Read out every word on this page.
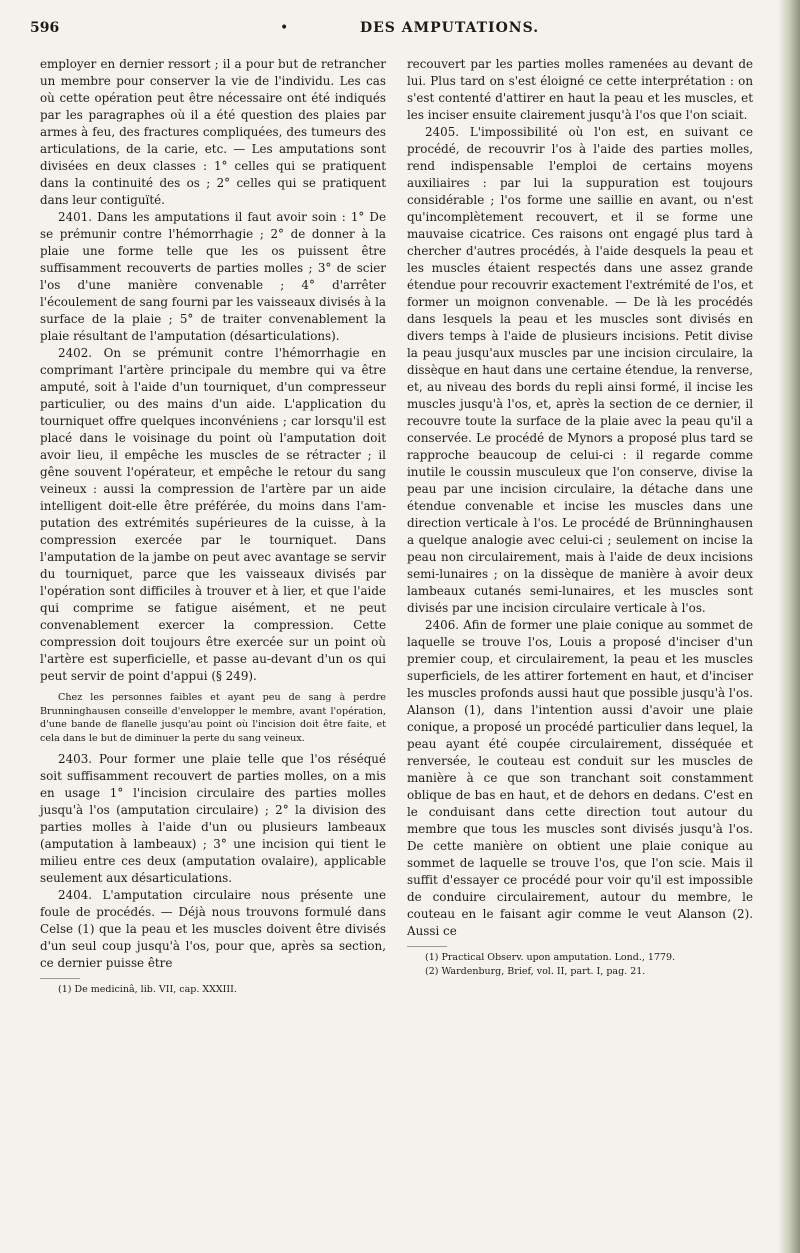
596	•	DES AMPUTATIONS.

employer en dernier ressort ; il a pour but de retrancher un membre pour conserver la vie de l'individu. Les cas où cette opération peut être nécessaire ont été indiqués par les paragraphes où il a été question des plaies par armes à feu, des fractures compliquées, des tumeurs des articulations, de la carie, etc. — Les amputations sont divisées en deux classes : 1° celles qui se pratiquent dans la continuité des os ; 2° celles qui se pratiquent dans leur contiguïté.

2401. Dans les amputations il faut avoir soin : 1° De se prémunir contre l'hémorrhagie ; 2° de donner à la plaie une forme telle que les os puissent être suffisamment recouverts de parties molles ; 3° de scier l'os d'une manière convenable ; 4° d'arrêter l'écoulement de sang fourni par les vaisseaux divisés à la surface de la plaie ; 5° de traiter convenablement la plaie résultant de l'amputation (désarticulations).

2402. On se prémunit contre l'hémorrhagie en comprimant l'artère principale du membre qui va être amputé, soit à l'aide d'un tourniquet, d'un compresseur particulier, ou des mains d'un aide. L'application du tourniquet offre quelques inconvéniens ; car lorsqu'il est placé dans le voisinage du point où l'amputation doit avoir lieu, il empêche les muscles de se rétracter ; il gêne souvent l'opérateur, et empêche le retour du sang veineux : aussi la compression de l'artère par un aide intelligent doit-elle être préférée, du moins dans l'amputation des extrémités supérieures de la cuisse, à la compression exercée par le tourniquet. Dans l'amputation de la jambe on peut avec avantage se servir du tourniquet, parce que les vaisseaux divisés par l'opération sont difficiles à trouver et à lier, et que l'aide qui comprime se fatigue aisément, et ne peut convenablement exercer la compression. Cette compression doit toujours être exercée sur un point où l'artère est superficielle, et passe au-devant d'un os qui peut servir de point d'appui (§ 249).

Chez les personnes faibles et ayant peu de sang à perdre Brunninghausen conseille d'envelopper le membre, avant l'opération, d'une bande de flanelle jusqu'au point où l'incision doit être faite, et cela dans le but de diminuer la perte du sang veineux.

2403. Pour former une plaie telle que l'os réséqué soit suffisamment recouvert de parties molles, on a mis en usage 1° l'incision circulaire des parties molles jusqu'à l'os (amputation circulaire) ; 2° la division des parties molles à l'aide d'un ou plusieurs lambeaux (amputation à lambeaux) ; 3° une incision qui tient le milieu entre ces deux (amputation ovalaire), applicable seulement aux désarticulations.

2404. L'amputation circulaire nous présente une foule de procédés. — Déjà nous trouvons formulé dans Celse (1) que la peau et les muscles doivent être divisés d'un seul coup jusqu'à l'os, pour que, après sa section, ce dernier puisse être

(1) De medicinâ, lib. VII, cap. XXXIII.

recouvert par les parties molles ramenées au devant de lui. Plus tard on s'est éloigné ce cette interprétation : on s'est contenté d'attirer en haut la peau et les muscles, et les inciser ensuite clairement jusqu'à l'os que l'on sciait.

2405. L'impossibilité où l'on est, en suivant ce procédé, de recouvrir l'os à l'aide des parties molles, rend indispensable l'emploi de certains moyens auxiliaires : par lui la suppuration est toujours considérable ; l'os forme une saillie en avant, ou n'est qu'incomplètement recouvert, et il se forme une mauvaise cicatrice. Ces raisons ont engagé plus tard à chercher d'autres procédés, à l'aide desquels la peau et les muscles étaient respectés dans une assez grande étendue pour recouvrir exactement l'extrémité de l'os, et former un moignon convenable. — De là les procédés dans lesquels la peau et les muscles sont divisés en divers temps à l'aide de plusieurs incisions. Petit divise la peau jusqu'aux muscles par une incision circulaire, la dissèque en haut dans une certaine étendue, la renverse, et, au niveau des bords du repli ainsi formé, il incise les muscles jusqu'à l'os, et, après la section de ce dernier, il recouvre toute la surface de la plaie avec la peau qu'il a conservée. Le procédé de Mynors a proposé plus tard se rapproche beaucoup de celui-ci : il regarde comme inutile le coussin musculeux que l'on conserve, divise la peau par une incision circulaire, la détache dans une étendue convenable et incise les muscles dans une direction verticale à l'os. Le procédé de Brünninghausen a quelque analogie avec celui-ci ; seulement on incise la peau non circulairement, mais à l'aide de deux incisions semi-lunaires ; on la dissèque de manière à avoir deux lambeaux cutanés semi-lunaires, et les muscles sont divisés par une incision circulaire verticale à l'os.

2406. Afin de former une plaie conique au sommet de laquelle se trouve l'os, Louis a proposé d'inciser d'un premier coup, et circulairement, la peau et les muscles superficiels, de les attirer fortement en haut, et d'inciser les muscles profonds aussi haut que possible jusqu'à l'os. Alanson (1), dans l'intention aussi d'avoir une plaie conique, a proposé un procédé particulier dans lequel, la peau ayant été coupée circulairement, disséquée et renversée, le couteau est conduit sur les muscles de manière à ce que son tranchant soit constamment oblique de bas en haut, et de dehors en dedans. C'est en le conduisant dans cette direction tout autour du membre que tous les muscles sont divisés jusqu'à l'os. De cette manière on obtient une plaie conique au sommet de laquelle se trouve l'os, que l'on scie. Mais il suffit d'essayer ce procédé pour voir qu'il est impossible de conduire circulairement, autour du membre, le couteau en le faisant agir comme le veut Alanson (2). Aussi ce

(1) Practical Observ. upon amputation. Lond., 1779.

(2) Wardenburg, Brief, vol. II, part. I, pag. 21.
